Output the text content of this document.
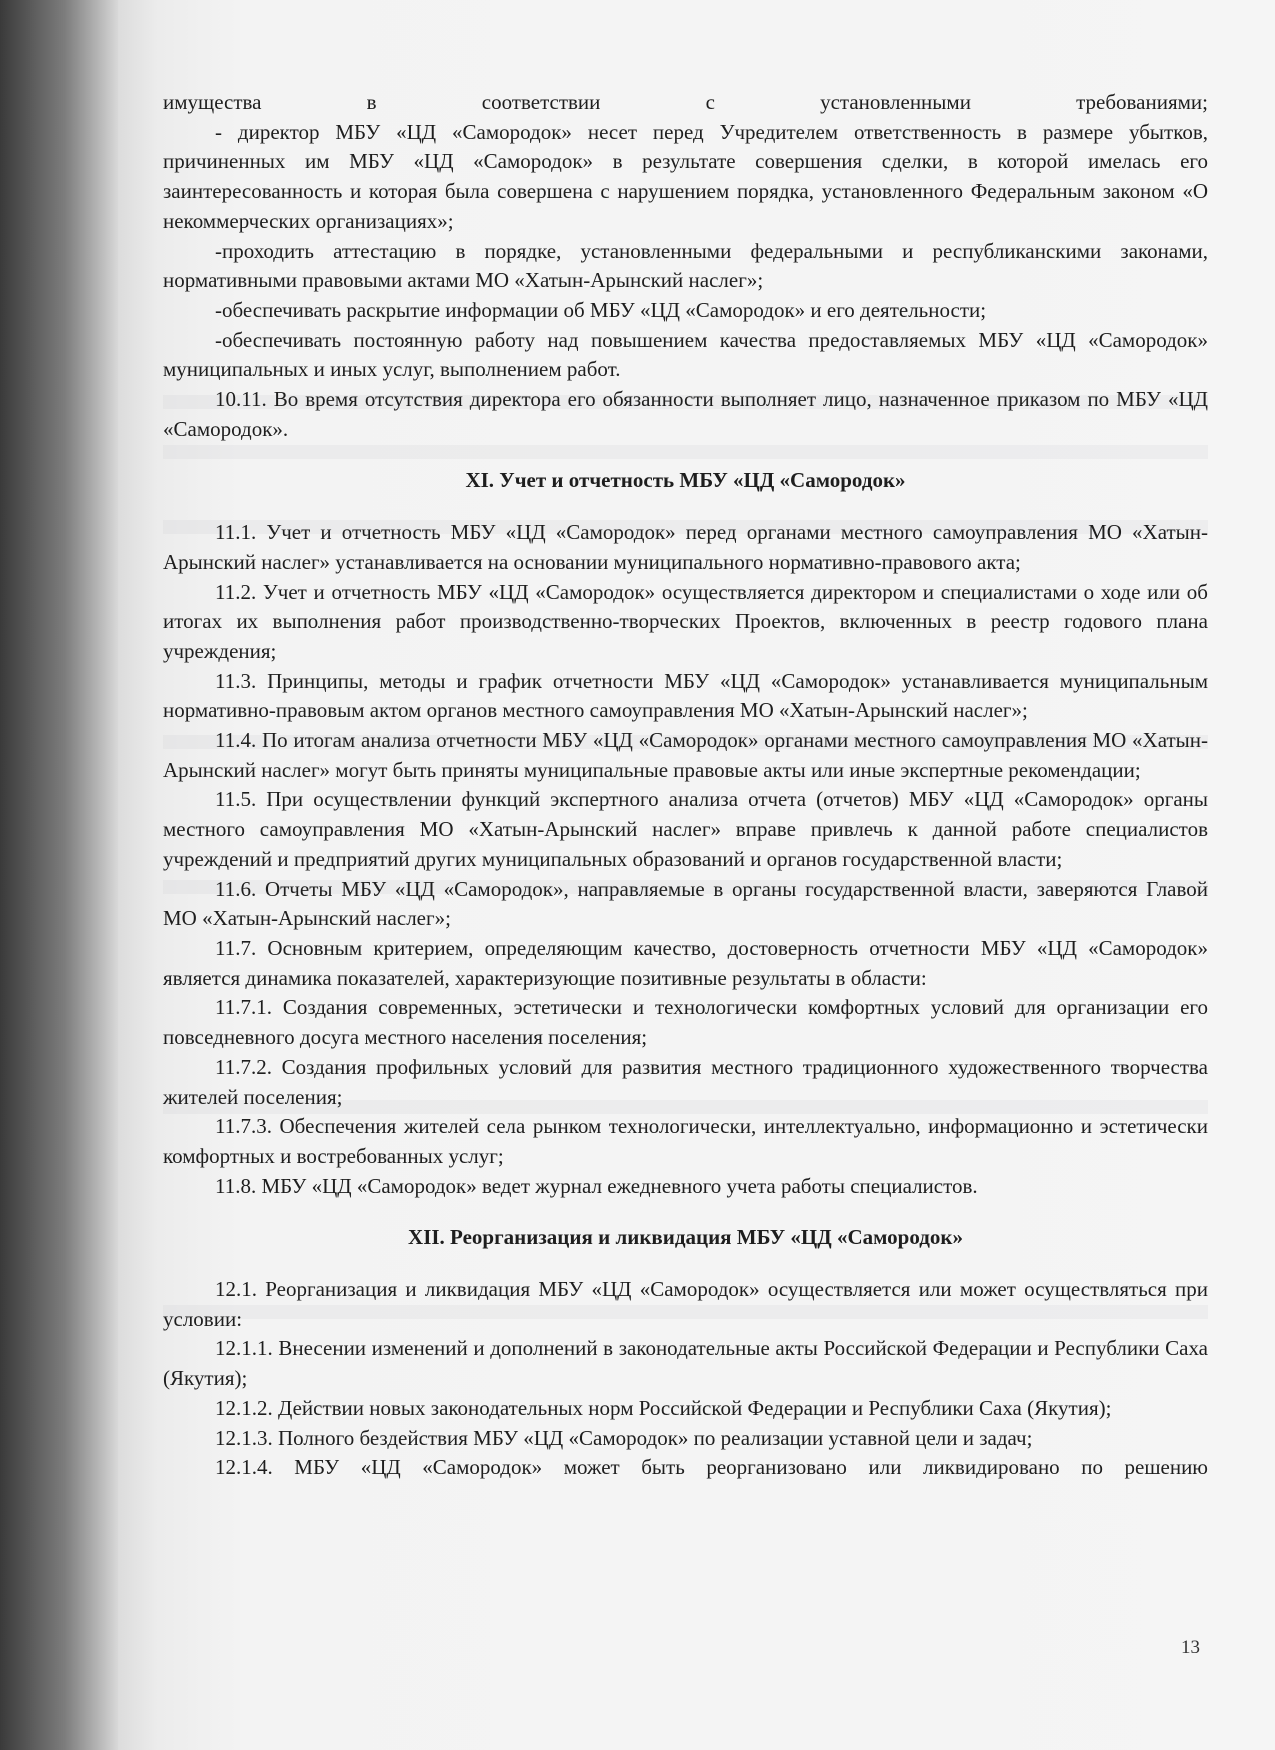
имущества в соответствии с установленными требованиями;

- директор МБУ «ЦД «Самородок» несет перед Учредителем ответственность в размере убытков, причиненных им МБУ «ЦД «Самородок» в результате совершения сделки, в которой имелась его заинтересованность и которая была совершена с нарушением порядка, установленного Федеральным законом «О некоммерческих организациях»;

-проходить аттестацию в порядке, установленными федеральными и республиканскими законами, нормативными правовыми актами МО «Хатын-Арынский наслег»;

-обеспечивать раскрытие информации об МБУ «ЦД «Самородок» и его деятельности;

-обеспечивать постоянную работу над повышением качества предоставляемых МБУ «ЦД «Самородок» муниципальных и иных услуг, выполнением работ.

10.11. Во время отсутствия директора его обязанности выполняет лицо, назначенное приказом по МБУ «ЦД «Самородок».

XI. Учет и отчетность МБУ «ЦД «Самородок»

11.1. Учет и отчетность МБУ «ЦД «Самородок» перед органами местного самоуправления МО «Хатын-Арынский наслег» устанавливается на основании муниципального нормативно-правового акта;

11.2. Учет и отчетность МБУ «ЦД «Самородок» осуществляется директором и специалистами о ходе или об итогах их выполнения работ производственно-творческих Проектов, включенных в реестр годового плана учреждения;

11.3. Принципы, методы и график отчетности МБУ «ЦД «Самородок» устанавливается муниципальным нормативно-правовым актом органов местного самоуправления МО «Хатын-Арынский наслег»;

11.4. По итогам анализа отчетности МБУ «ЦД «Самородок» органами местного самоуправления МО «Хатын-Арынский наслег» могут быть приняты муниципальные правовые акты или иные экспертные рекомендации;

11.5. При осуществлении функций экспертного анализа отчета (отчетов) МБУ «ЦД «Самородок» органы местного самоуправления МО «Хатын-Арынский наслег» вправе привлечь к данной работе специалистов учреждений и предприятий других муниципальных образований и органов государственной власти;

11.6. Отчеты МБУ «ЦД «Самородок», направляемые в органы государственной власти, заверяются Главой МО «Хатын-Арынский наслег»;

11.7. Основным критерием, определяющим качество, достоверность отчетности МБУ «ЦД «Самородок» является динамика показателей, характеризующие позитивные результаты в области:

11.7.1. Создания современных, эстетически и технологически комфортных условий для организации его повседневного досуга местного населения поселения;

11.7.2. Создания профильных условий для развития местного традиционного художественного творчества жителей поселения;

11.7.3. Обеспечения жителей села рынком технологически, интеллектуально, информационно и эстетически комфортных и востребованных услуг;

11.8. МБУ «ЦД «Самородок» ведет журнал ежедневного учета работы специалистов.

XII. Реорганизация и ликвидация МБУ «ЦД «Самородок»

12.1. Реорганизация и ликвидация МБУ «ЦД «Самородок» осуществляется или может осуществляться при условии:

12.1.1. Внесении изменений и дополнений в законодательные акты Российской Федерации и Республики Саха (Якутия);

12.1.2. Действии новых законодательных норм Российской Федерации и Республики Саха (Якутия);

12.1.3. Полного бездействия МБУ «ЦД «Самородок» по реализации уставной цели и задач;

12.1.4. МБУ «ЦД «Самородок» может быть реорганизовано или ликвидировано по решению

13
